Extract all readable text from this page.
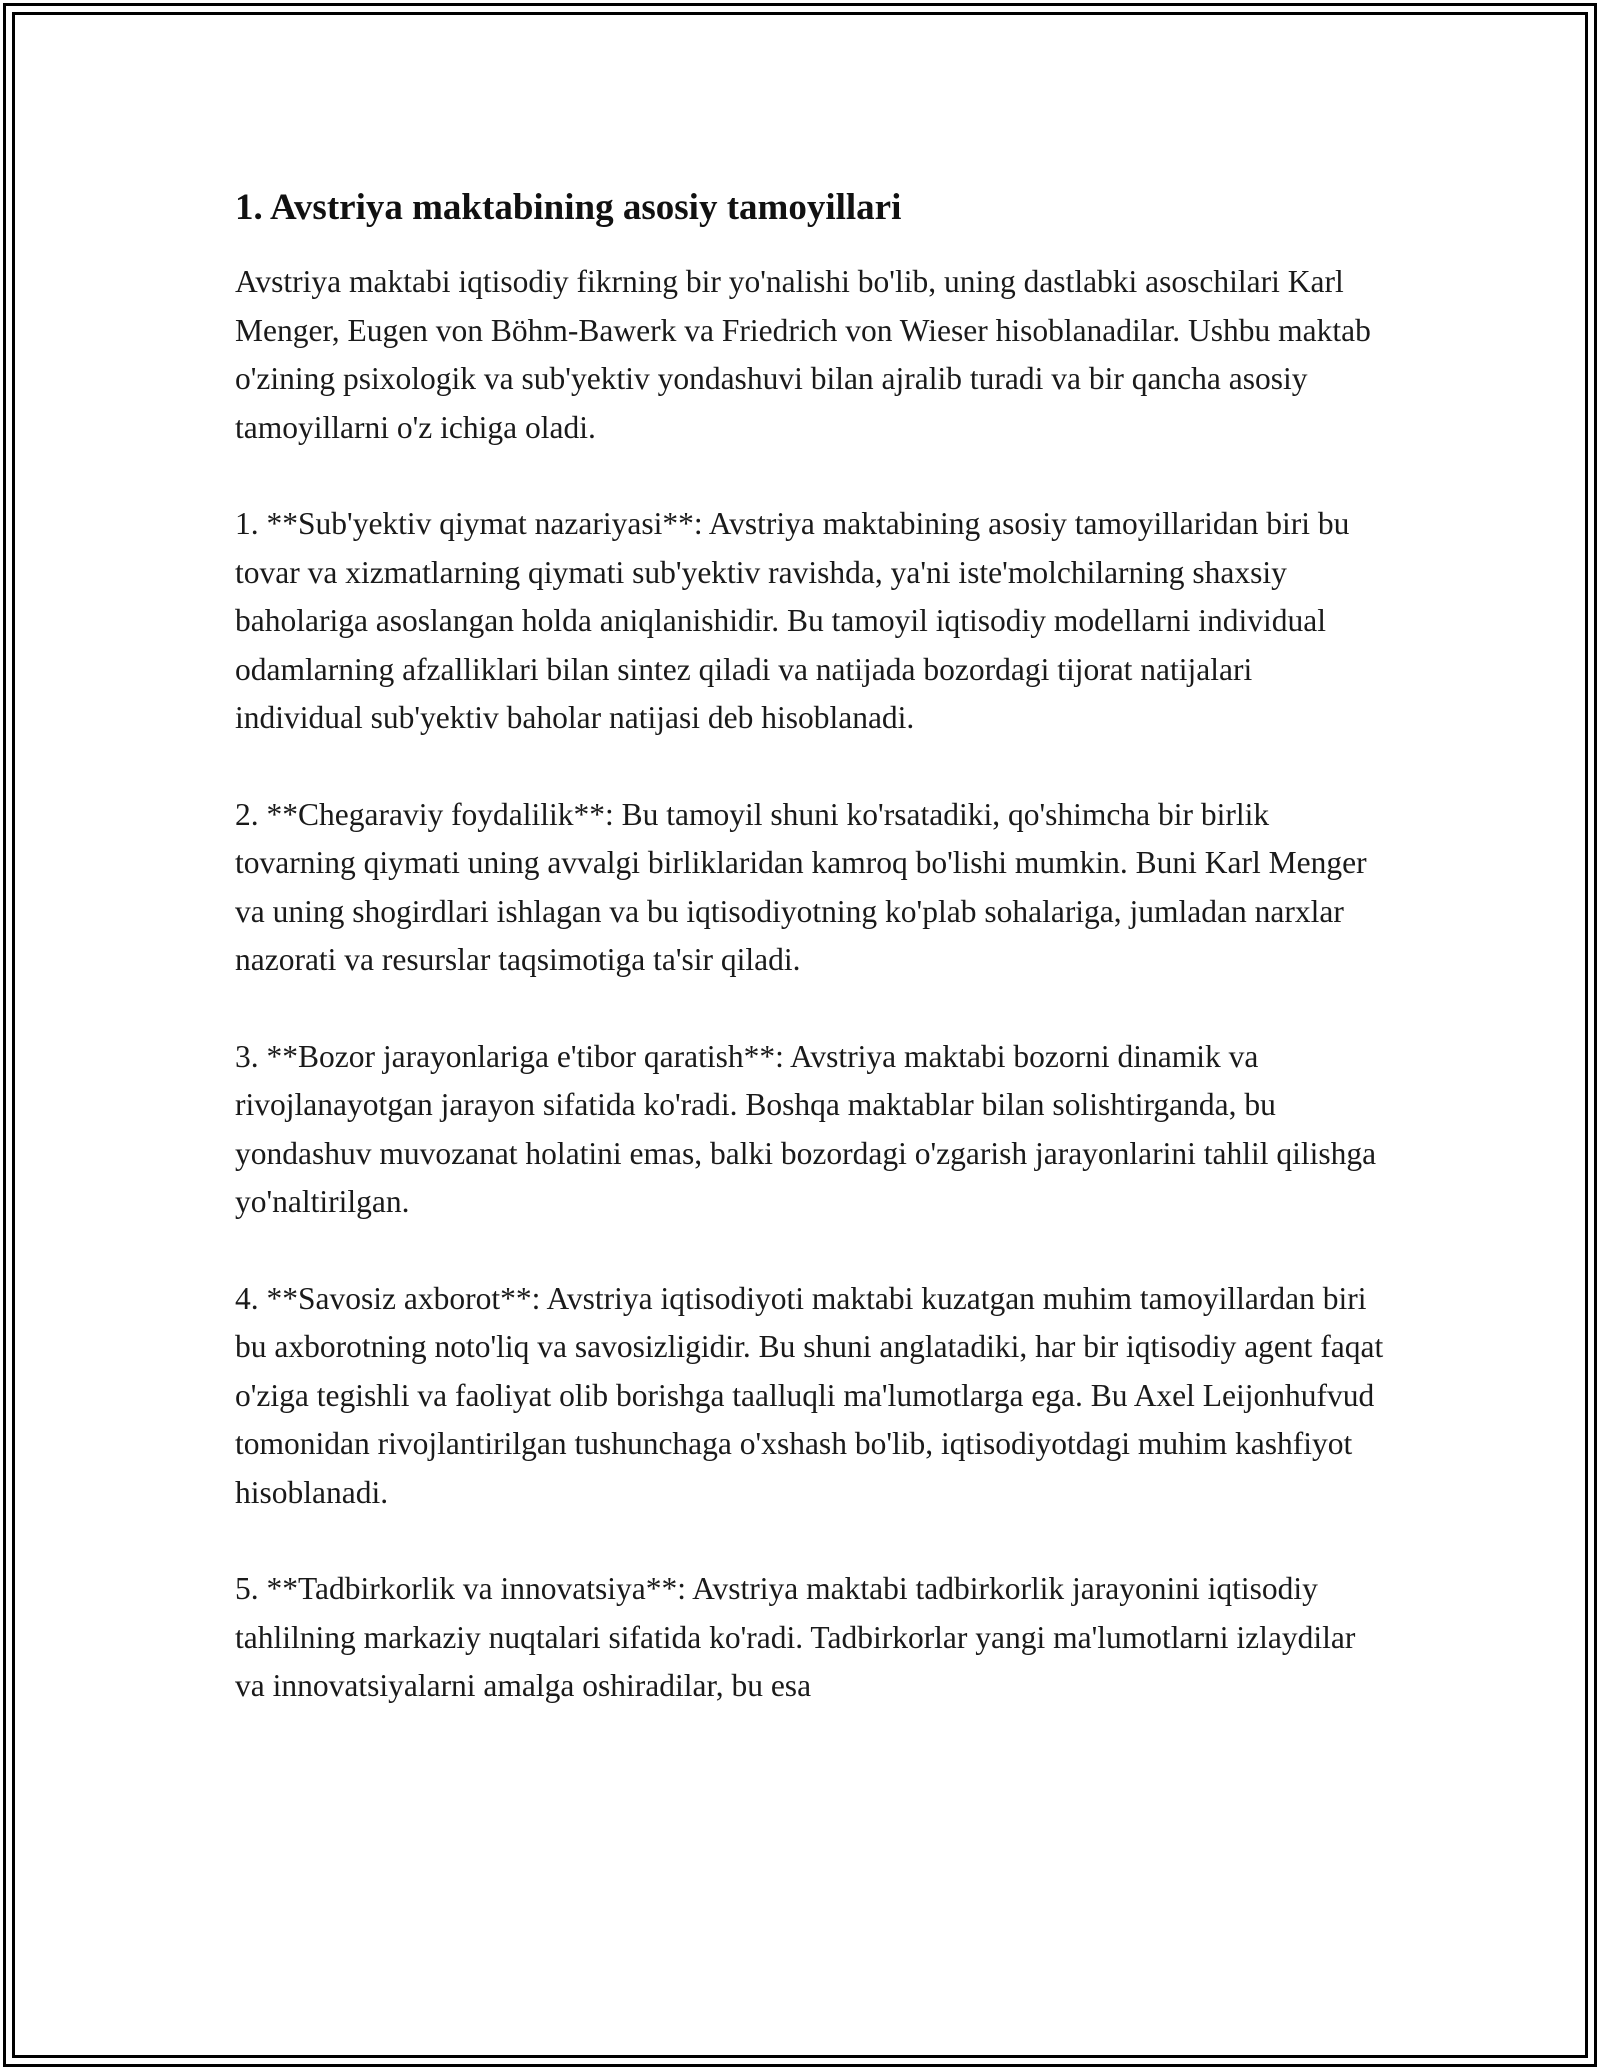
1. Avstriya maktabining asosiy tamoyillari

Avstriya maktabi iqtisodiy fikrning bir yo'nalishi bo'lib, uning dastlabki asoschilari Karl Menger, Eugen von Böhm-Bawerk va Friedrich von Wieser hisoblanadilar. Ushbu maktab o'zining psixologik va sub'yektiv yondashuvi bilan ajralib turadi va bir qancha asosiy tamoyillarni o'z ichiga oladi.

1. **Sub'yektiv qiymat nazariyasi**: Avstriya maktabining asosiy tamoyillaridan biri bu tovar va xizmatlarning qiymati sub'yektiv ravishda, ya'ni iste'molchilarning shaxsiy baholariga asoslangan holda aniqlanishidir. Bu tamoyil iqtisodiy modellarni individual odamlarning afzalliklari bilan sintez qiladi va natijada bozordagi tijorat natijalari individual sub'yektiv baholar natijasi deb hisoblanadi.

2. **Chegaraviy foydalilik**: Bu tamoyil shuni ko'rsatadiki, qo'shimcha bir birlik tovarning qiymati uning avvalgi birliklaridan kamroq bo'lishi mumkin. Buni Karl Menger va uning shogirdlari ishlagan va bu iqtisodiyotning ko'plab sohalariga, jumladan narxlar nazorati va resurslar taqsimotiga ta'sir qiladi.

3. **Bozor jarayonlariga e'tibor qaratish**: Avstriya maktabi bozorni dinamik va rivojlanayotgan jarayon sifatida ko'radi. Boshqa maktablar bilan solishtirganda, bu yondashuv muvozanat holatini emas, balki bozordagi o'zgarish jarayonlarini tahlil qilishga yo'naltirilgan.

4. **Savosiz axborot**: Avstriya iqtisodiyoti maktabi kuzatgan muhim tamoyillardan biri bu axborotning noto'liq va savosizligidir. Bu shuni anglatadiki, har bir iqtisodiy agent faqat o'ziga tegishli va faoliyat olib borishga taalluqli ma'lumotlarga ega. Bu Axel Leijonhufvud tomonidan rivojlantirilgan tushunchaga o'xshash bo'lib, iqtisodiyotdagi muhim kashfiyot hisoblanadi.

5. **Tadbirkorlik va innovatsiya**: Avstriya maktabi tadbirkorlik jarayonini iqtisodiy tahlilning markaziy nuqtalari sifatida ko'radi. Tadbirkorlar yangi ma'lumotlarni izlaydilar va innovatsiyalarni amalga oshiradilar, bu esa
